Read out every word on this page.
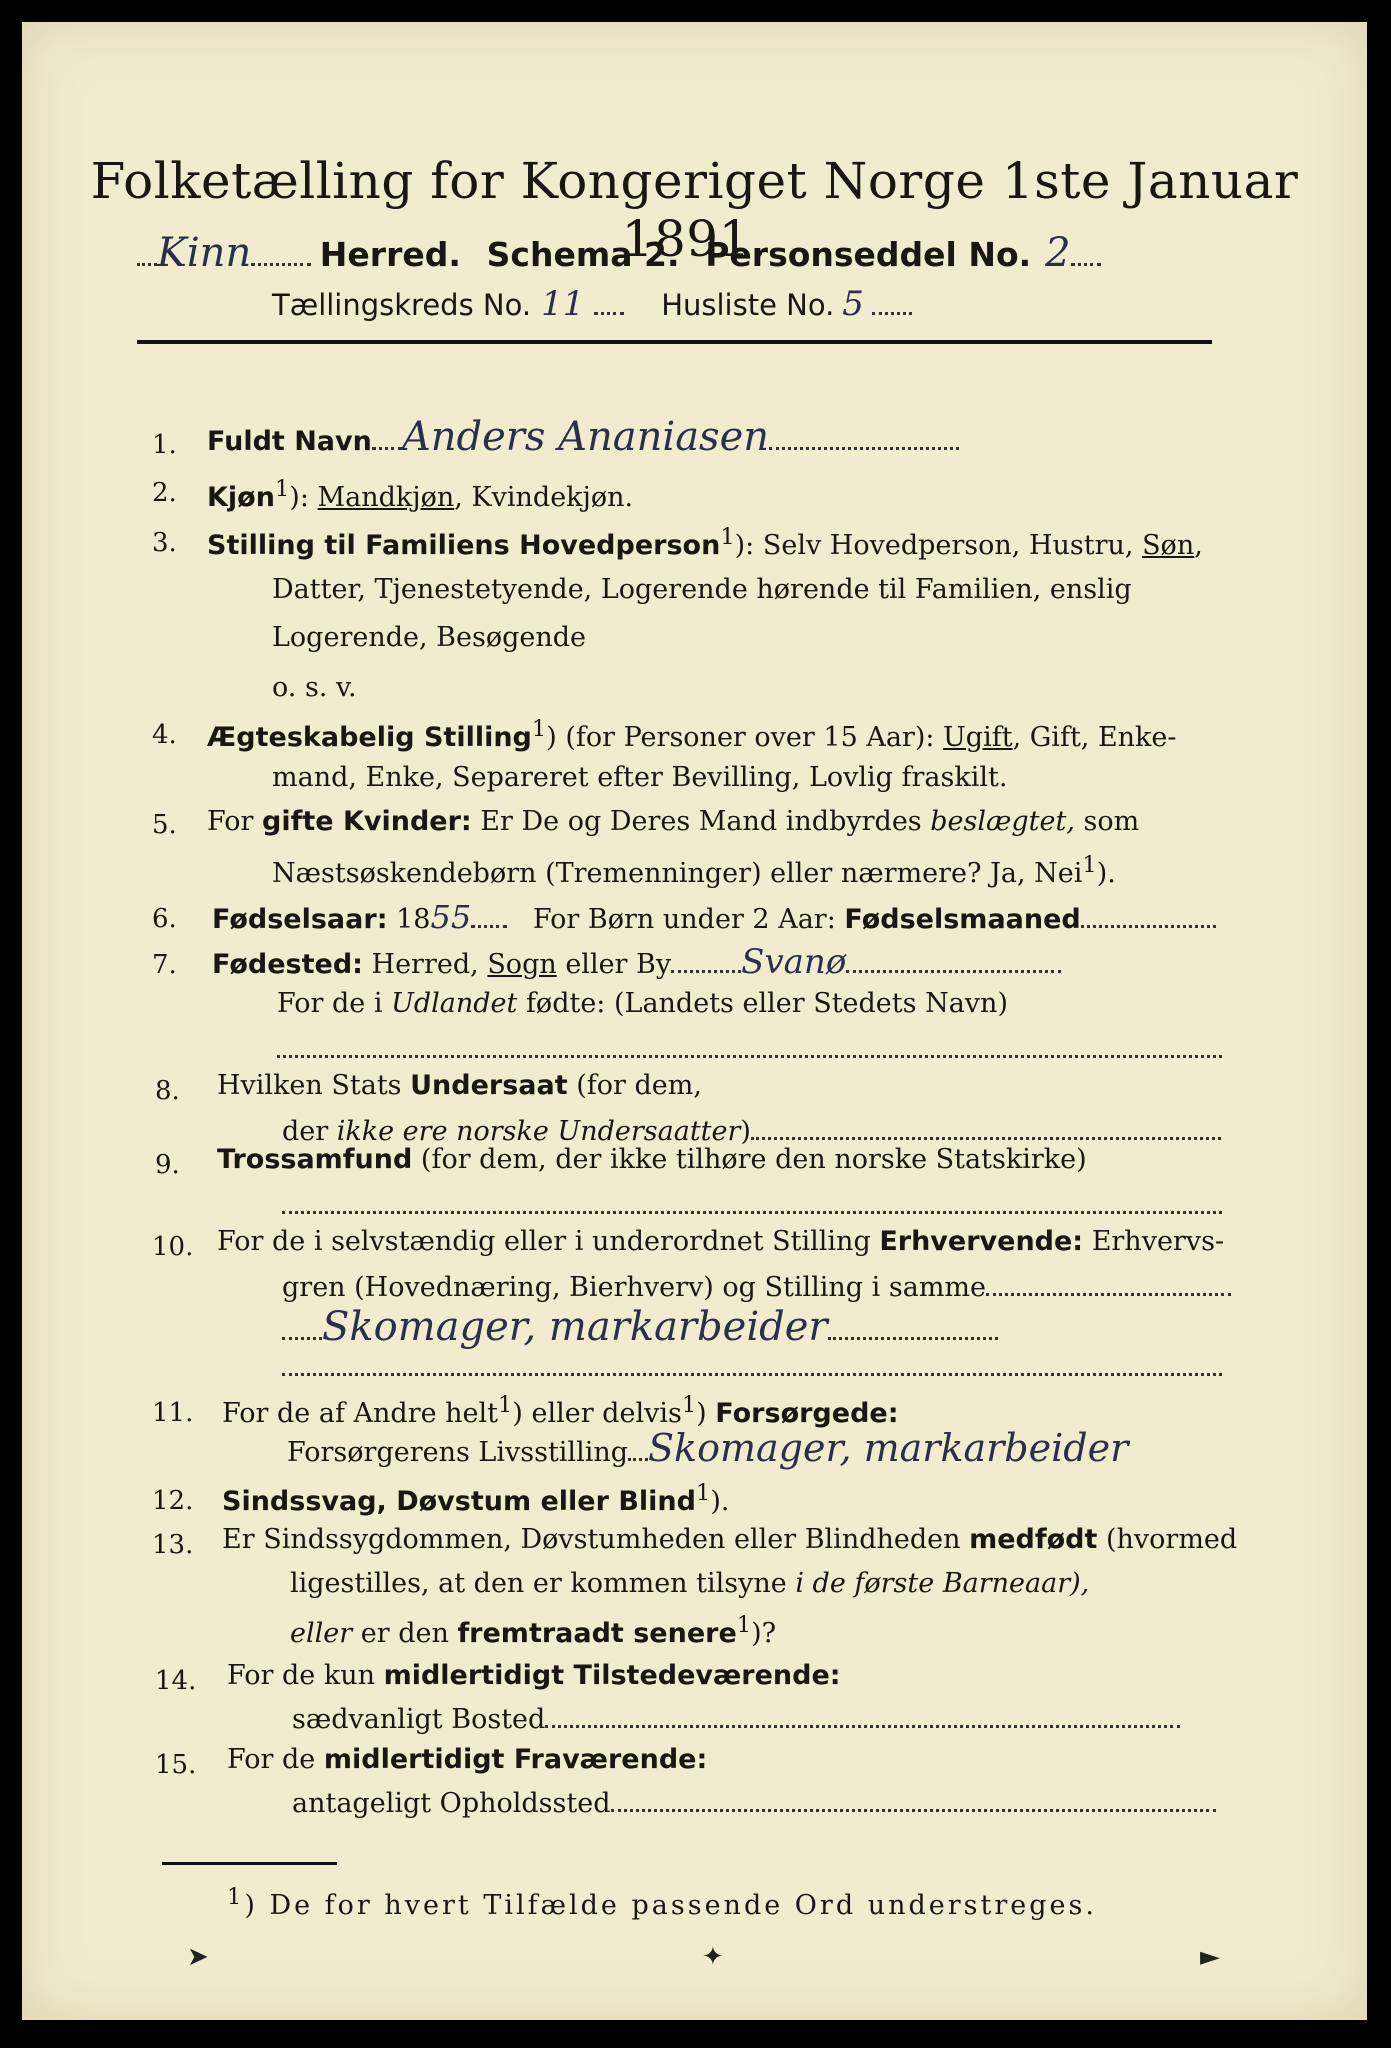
Folketælling for Kongeriget Norge 1ste Januar 1891.
Kinn Herred. Schema 2. Personseddel No. 2
Tællingskreds No. 11	Husliste No. 5
1. Fuldt Navn Anders Ananiasen
2. Kjøn$^1$): Mandkjøn, Kvindekjøn.
3. Stilling til Familiens Hovedperson$^1$): Selv Hovedperson, Hustru, Søn,
Datter, Tjenestetyende, Logerende hørende til Familien, enslig
Logerende, Besøgende
o. s. v.
4. Ægteskabelig Stilling$^1$) (for Personer over 15 Aar): Ugift, Gift, Enke-
mand, Enke, Separeret efter Bevilling, Lovlig fraskilt.
5. For gifte Kvinder: Er De og Deres Mand indbyrdes beslægtet, som
Næstsøskendebørn (Tremenninger) eller nærmere? Ja, Nei$^1$).
6. Fødselsaar: 1855 For Børn under 2 Aar: Fødselsmaaned
7. Fødested: Herred, Sogn eller By Svanø
For de i Udlandet fødte: (Landets eller Stedets Navn)
8. Hvilken Stats Undersaat (for dem,
der ikke ere norske Undersaatter)
9. Trossamfund (for dem, der ikke tilhøre den norske Statskirke)
10. For de i selvstændig eller i underordnet Stilling Erhvervende: Erhvervs-
gren (Hovednæring, Bierhverv) og Stilling i samme
Skomager, markarbeider
11. For de af Andre helt$^1$) eller delvis$^1$) Forsørgede:
Forsørgerens Livsstilling Skomager, markarbeider
12. Sindssvag, Døvstum eller Blind$^1$).
13. Er Sindssygdommen, Døvstumheden eller Blindheden medfødt (hvormed
ligestilles, at den er kommen tilsyne i de første Barneaar),
eller er den fremtraadt senere$^1$)?
14. For de kun midlertidigt Tilstedeværende:
sædvanligt Bosted
15. For de midlertidigt Fraværende:
antageligt Opholdssted
$^1$) De for hvert Tilfælde passende Ord understreges.
➤	✦	►
